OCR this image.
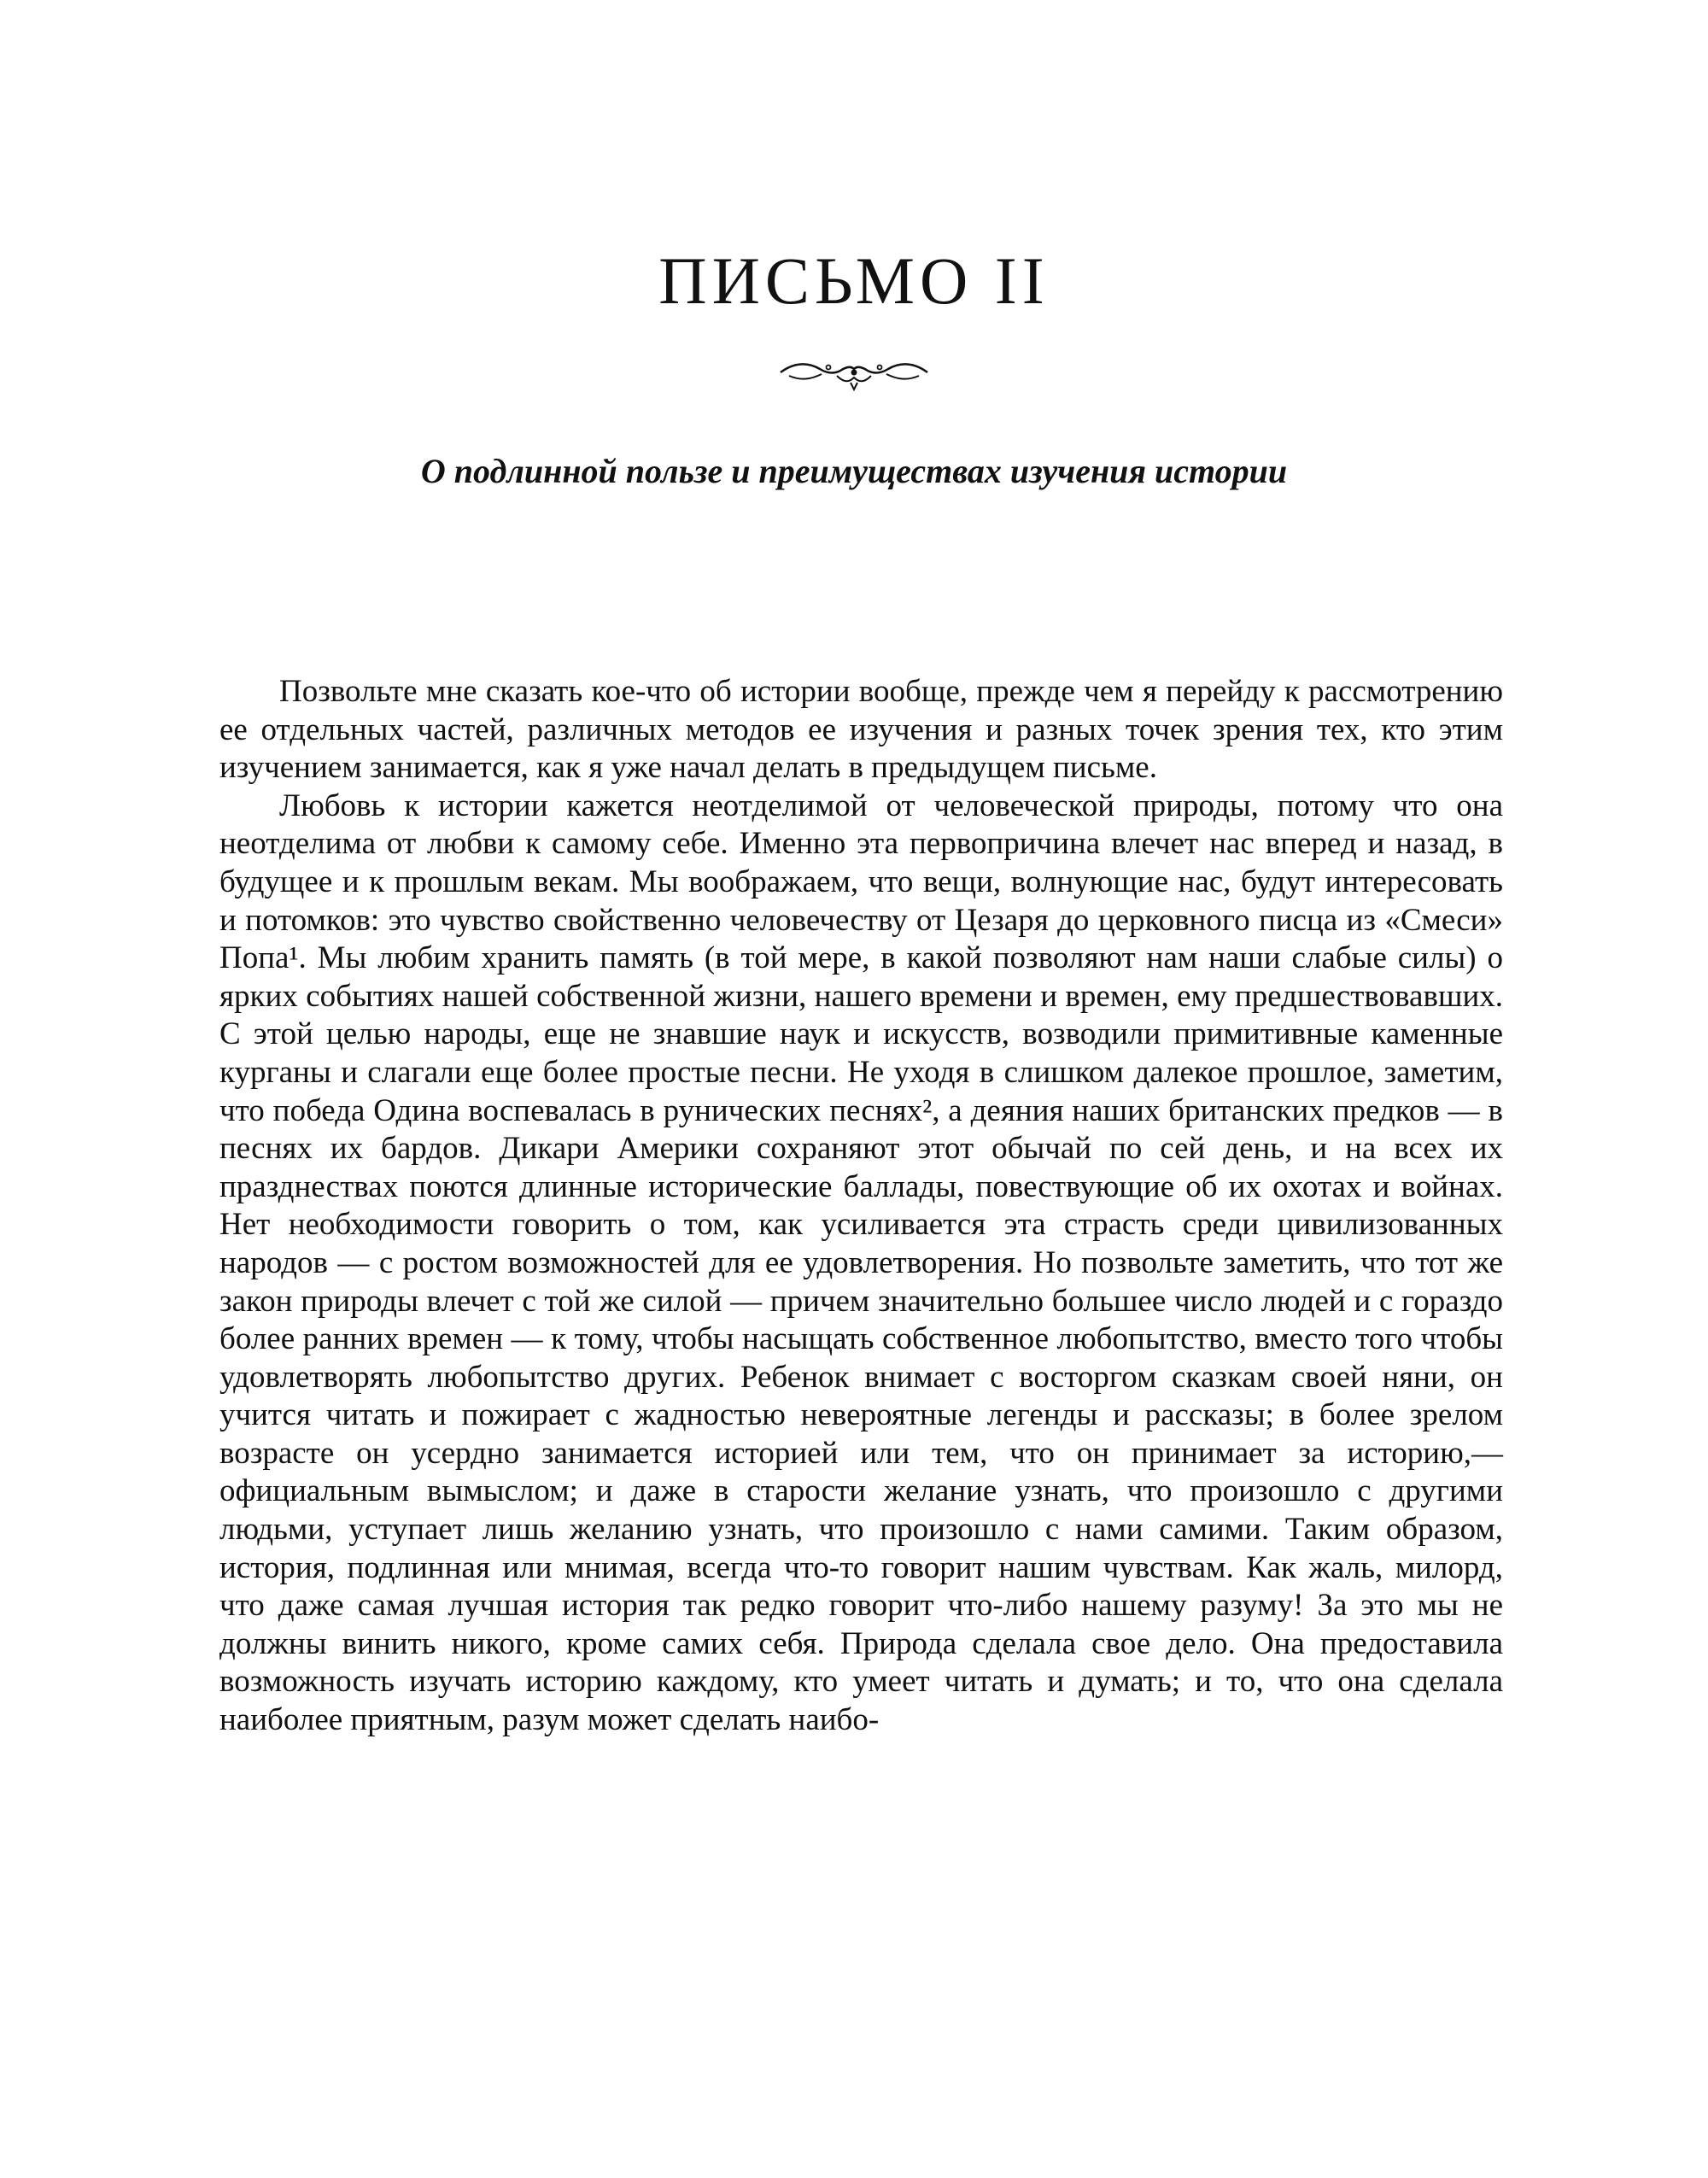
ПИСЬМО II
О подлинной пользе и преимуществах изучения истории

Позвольте мне сказать кое-что об истории вообще, прежде чем я перейду к рассмотрению ее отдельных частей, различных методов ее изучения и разных точек зрения тех, кто этим изучением занимается, как я уже начал делать в предыдущем письме.

Любовь к истории кажется неотделимой от человеческой природы, потому что она неотделима от любви к самому себе. Именно эта первопричина влечет нас вперед и назад, в будущее и к прошлым векам. Мы воображаем, что вещи, волнующие нас, будут интересовать и потомков: это чувство свойственно человечеству от Цезаря до церковного писца из «Смеси» Попа¹. Мы любим хранить память (в той мере, в какой позволяют нам наши слабые силы) о ярких событиях нашей собственной жизни, нашего времени и времен, ему предшествовавших. С этой целью народы, еще не знавшие наук и искусств, возводили примитивные каменные курганы и слагали еще более простые песни. Не уходя в слишком далекое прошлое, заметим, что победа Одина воспевалась в рунических песнях², а деяния наших британских предков — в песнях их бардов. Дикари Америки сохраняют этот обычай по сей день, и на всех их празднествах поются длинные исторические баллады, повествующие об их охотах и войнах. Нет необходимости говорить о том, как усиливается эта страсть среди цивилизованных народов — с ростом возможностей для ее удовлетворения. Но позвольте заметить, что тот же закон природы влечет с той же силой — причем значительно большее число людей и с гораздо более ранних времен — к тому, чтобы насыщать собственное любопытство, вместо того чтобы удовлетворять любопытство других. Ребенок внимает с восторгом сказкам своей няни, он учится читать и пожирает с жадностью невероятные легенды и рассказы; в более зрелом возрасте он усердно занимается историей или тем, что он принимает за историю,— официальным вымыслом; и даже в старости желание узнать, что произошло с другими людьми, уступает лишь желанию узнать, что произошло с нами самими. Таким образом, история, подлинная или мнимая, всегда что-то говорит нашим чувствам. Как жаль, милорд, что даже самая лучшая история так редко говорит что-либо нашему разуму! За это мы не должны винить никого, кроме самих себя. Природа сделала свое дело. Она предоставила возможность изучать историю каждому, кто умеет читать и думать; и то, что она сделала наиболее приятным, разум может сделать наибо-
